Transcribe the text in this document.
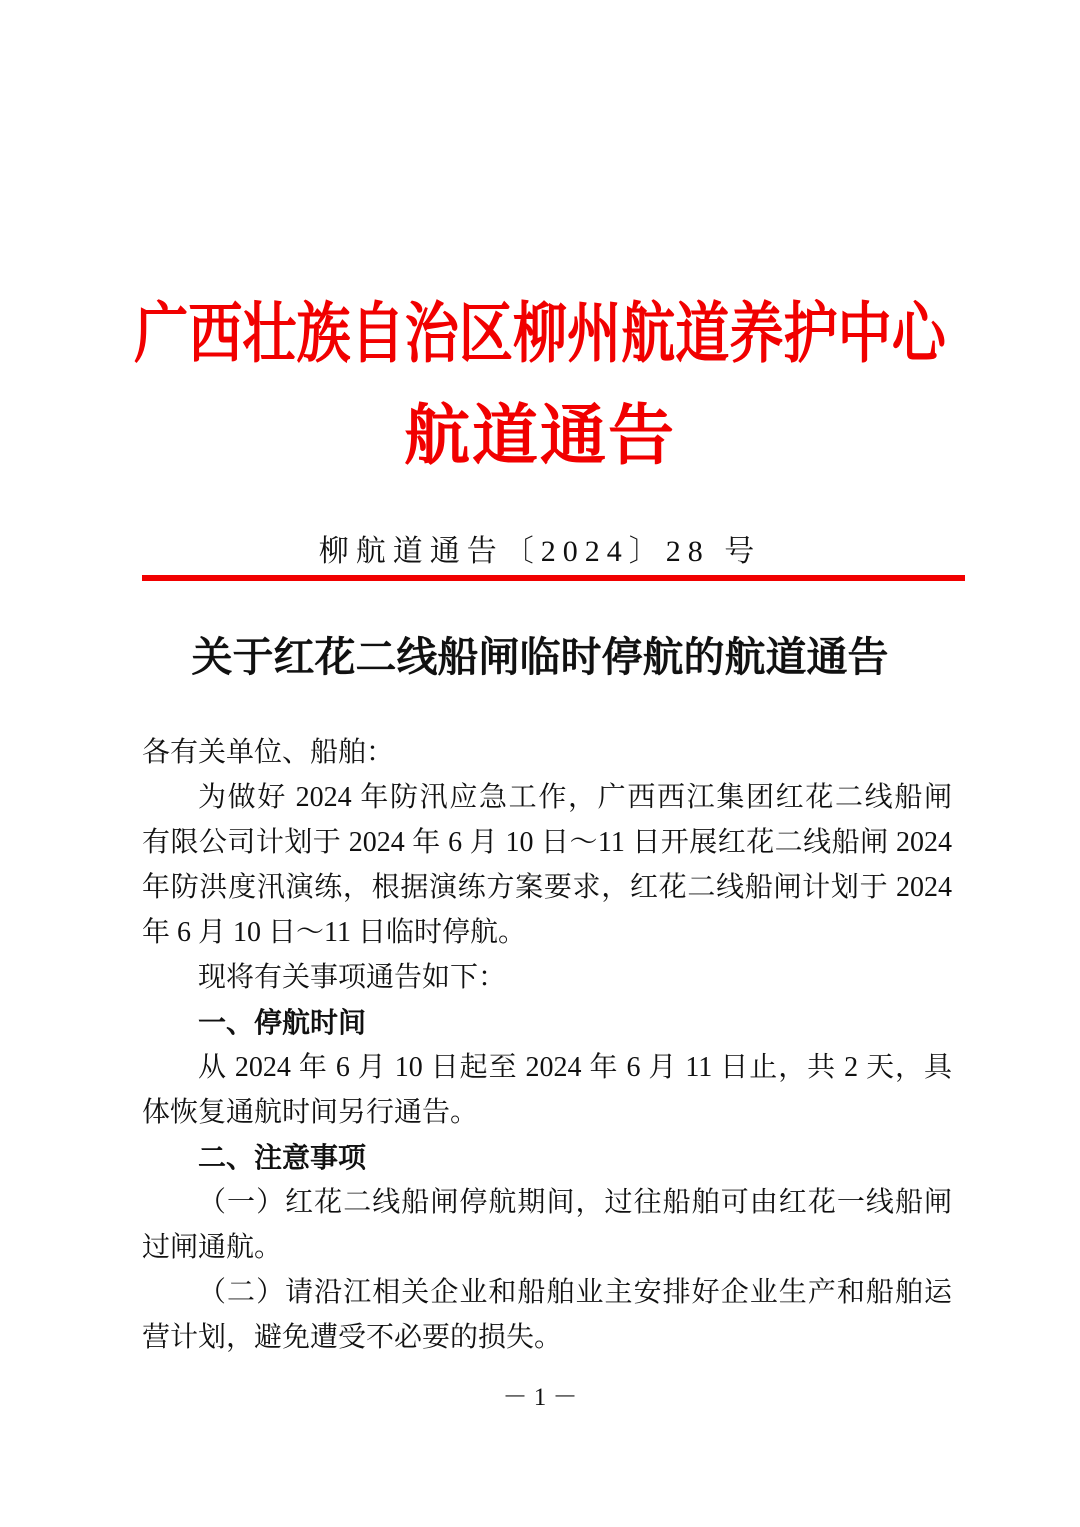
广西壮族自治区柳州航道养护中心
航道通告
柳航道通告〔2024〕28 号
关于红花二线船闸临时停航的航道通告
各有关单位、船舶：
为做好 2024 年防汛应急工作，广西西江集团红花二线船闸
有限公司计划于 2024 年 6 月 10 日～11 日开展红花二线船闸 2024
年防洪度汛演练，根据演练方案要求，红花二线船闸计划于 2024
年 6 月 10 日～11 日临时停航。
现将有关事项通告如下：
一、停航时间
从 2024 年 6 月 10 日起至 2024 年 6 月 11 日止，共 2 天，具
体恢复通航时间另行通告。
二、注意事项
（一）红花二线船闸停航期间，过往船舶可由红花一线船闸
过闸通航。
（二）请沿江相关企业和船舶业主安排好企业生产和船舶运
营计划，避免遭受不必要的损失。
－ 1 －
